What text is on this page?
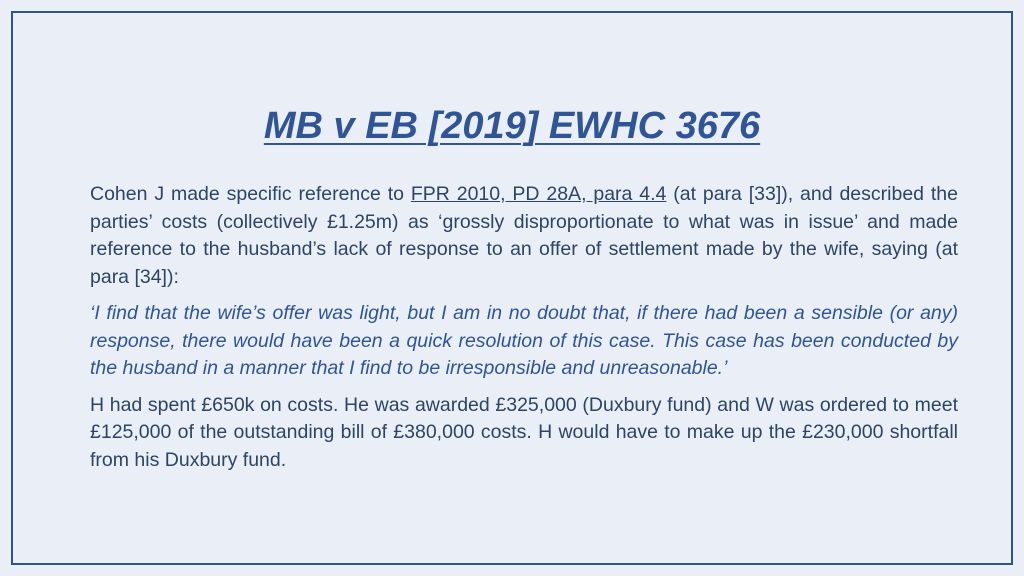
MB v EB [2019] EWHC 3676

Cohen J made specific reference to FPR 2010, PD 28A, para 4.4 (at para [33]), and described the parties’ costs (collectively £1.25m) as ‘grossly disproportionate to what was in issue’ and made reference to the husband’s lack of response to an offer of settlement made by the wife, saying (at para [34]):

‘I find that the wife’s offer was light, but I am in no doubt that, if there had been a sensible (or any) response, there would have been a quick resolution of this case. This case has been conducted by the husband in a manner that I find to be irresponsible and unreasonable.’

H had spent £650k on costs. He was awarded £325,000 (Duxbury fund) and W was ordered to meet £125,000 of the outstanding bill of £380,000 costs. H would have to make up the £230,000 shortfall from his Duxbury fund.
